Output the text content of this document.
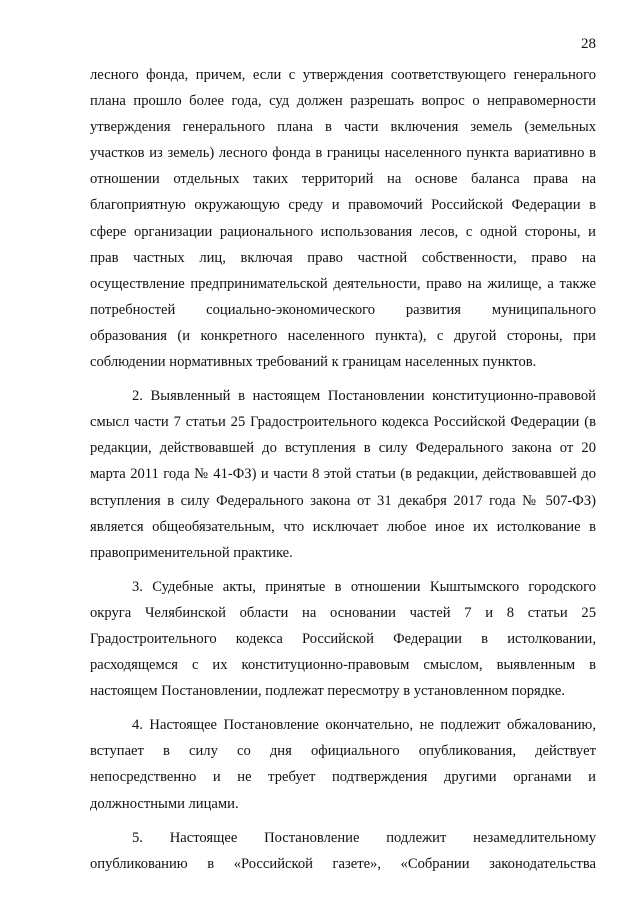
28
лесного фонда, причем, если с утверждения соответствующего генерального
плана прошло более года, суд должен разрешать вопрос о неправомерности
утверждения генерального плана в части включения земель (земельных
участков из земель) лесного фонда в границы населенного пункта вариативно в
отношении отдельных таких территорий на основе баланса права на
благоприятную окружающую среду и правомочий Российской Федерации в
сфере организации рационального использования лесов, с одной стороны, и
прав частных лиц, включая право частной собственности, право на
осуществление предпринимательской деятельности, право на жилище, а также
потребностей социально-экономического развития муниципального
образования (и конкретного населенного пункта), с другой стороны, при
соблюдении нормативных требований к границам населенных пунктов.
2. Выявленный в настоящем Постановлении конституционно-правовой
смысл части 7 статьи 25 Градостроительного кодекса Российской Федерации (в
редакции, действовавшей до вступления в силу Федерального закона от 20
марта 2011 года № 41-ФЗ) и части 8 этой статьи (в редакции, действовавшей до
вступления в силу Федерального закона от 31 декабря 2017 года № 507-ФЗ)
является общеобязательным, что исключает любое иное их истолкование в
правоприменительной практике.
3. Судебные акты, принятые в отношении Кыштымского городского
округа Челябинской области на основании частей 7 и 8 статьи 25
Градостроительного кодекса Российской Федерации в истолковании,
расходящемся с их конституционно-правовым смыслом, выявленным в
настоящем Постановлении, подлежат пересмотру в установленном порядке.
4. Настоящее Постановление окончательно, не подлежит обжалованию,
вступает в силу со дня официального опубликования, действует
непосредственно и не требует подтверждения другими органами и
должностными лицами.
5. Настоящее Постановление подлежит незамедлительному
опубликованию в «Российской газете», «Собрании законодательства
